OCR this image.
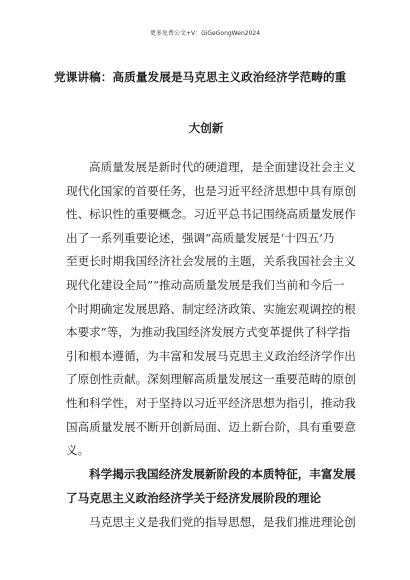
更多免费公文+V：GiGeGongWen2024
党课讲稿：高质量发展是马克思主义政治经济学范畴的重
大创新
高质量发展是新时代的硬道理，是全面建设社会主义
现代化国家的首要任务，也是习近平经济思想中具有原创
性、标识性的重要概念。习近平总书记围绕高质量发展作
出了一系列重要论述，强调“高质量发展是‘十四五’乃
至更长时期我国经济社会发展的主题，关系我国社会主义
现代化建设全局”“推动高质量发展是我们当前和今后一
个时期确定发展思路、制定经济政策、实施宏观调控的根
本要求”等，为推动我国经济发展方式变革提供了科学指
引和根本遵循，为丰富和发展马克思主义政治经济学作出
了原创性贡献。深刻理解高质量发展这一重要范畴的原创
性和科学性，对于坚持以习近平经济思想为指引，推动我
国高质量发展不断开创新局面、迈上新台阶，具有重要意
义。
科学揭示我国经济发展新阶段的本质特征，丰富发展
了马克思主义政治经济学关于经济发展阶段的理论
马克思主义是我们党的指导思想，是我们推进理论创
